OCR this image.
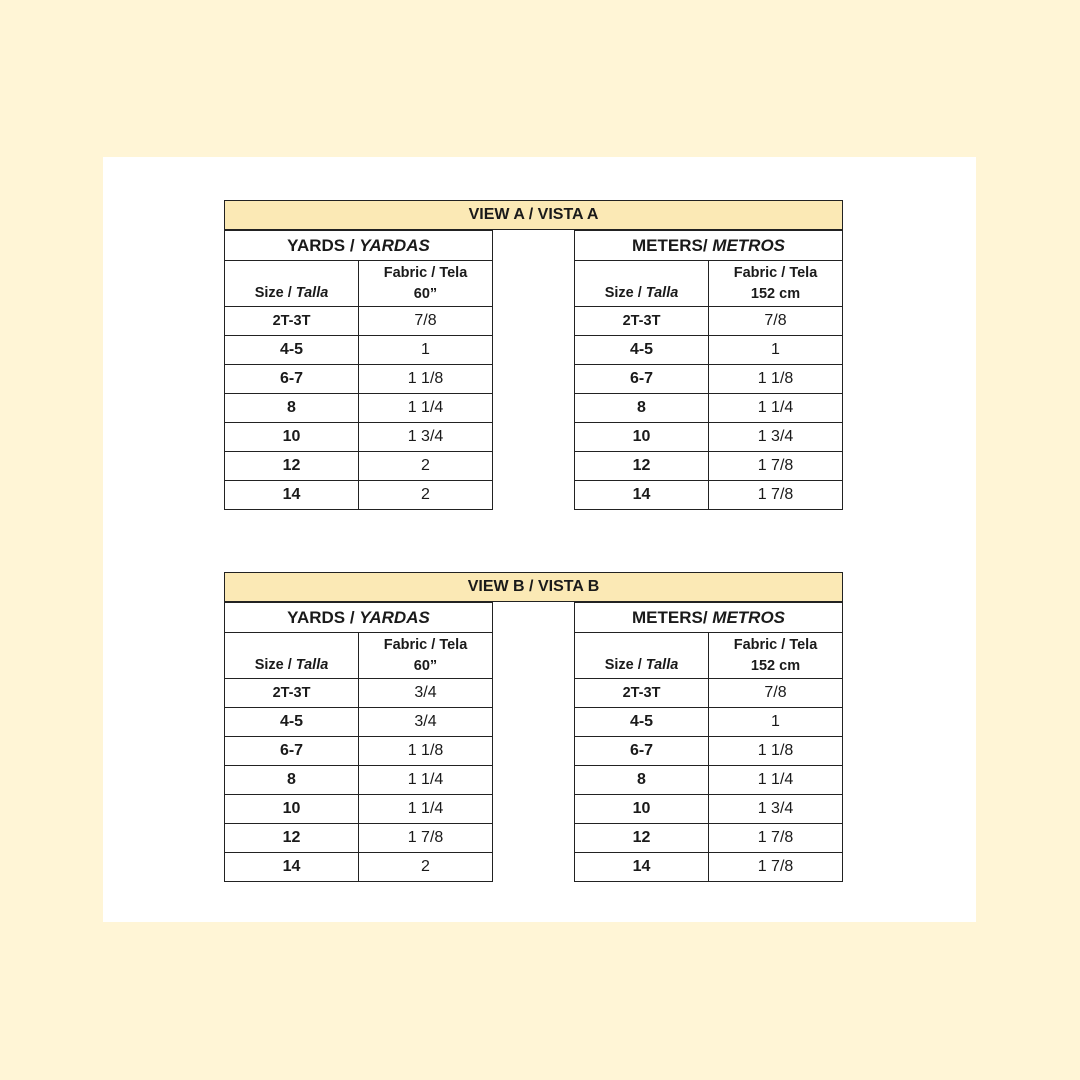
VIEW A / VISTA A
YARDS / YARDAS	
Size / Talla	Fabric / Tela
60”
2T-3T	7/8
4-5	1
6-7	1 1/8
8	1 1/4
10	1 3/4
12	2
14	2
METERS/ METROS	
Size / Talla	Fabric / Tela
152 cm
2T-3T	7/8
4-5	1
6-7	1 1/8
8	1 1/4
10	1 3/4
12	1 7/8
14	1 7/8
VIEW B / VISTA B
YARDS / YARDAS	
Size / Talla	Fabric / Tela
60”
2T-3T	3/4
4-5	3/4
6-7	1 1/8
8	1 1/4
10	1 1/4
12	1 7/8
14	2
METERS/ METROS	
Size / Talla	Fabric / Tela
152 cm
2T-3T	7/8
4-5	1
6-7	1 1/8
8	1 1/4
10	1 3/4
12	1 7/8
14	1 7/8
